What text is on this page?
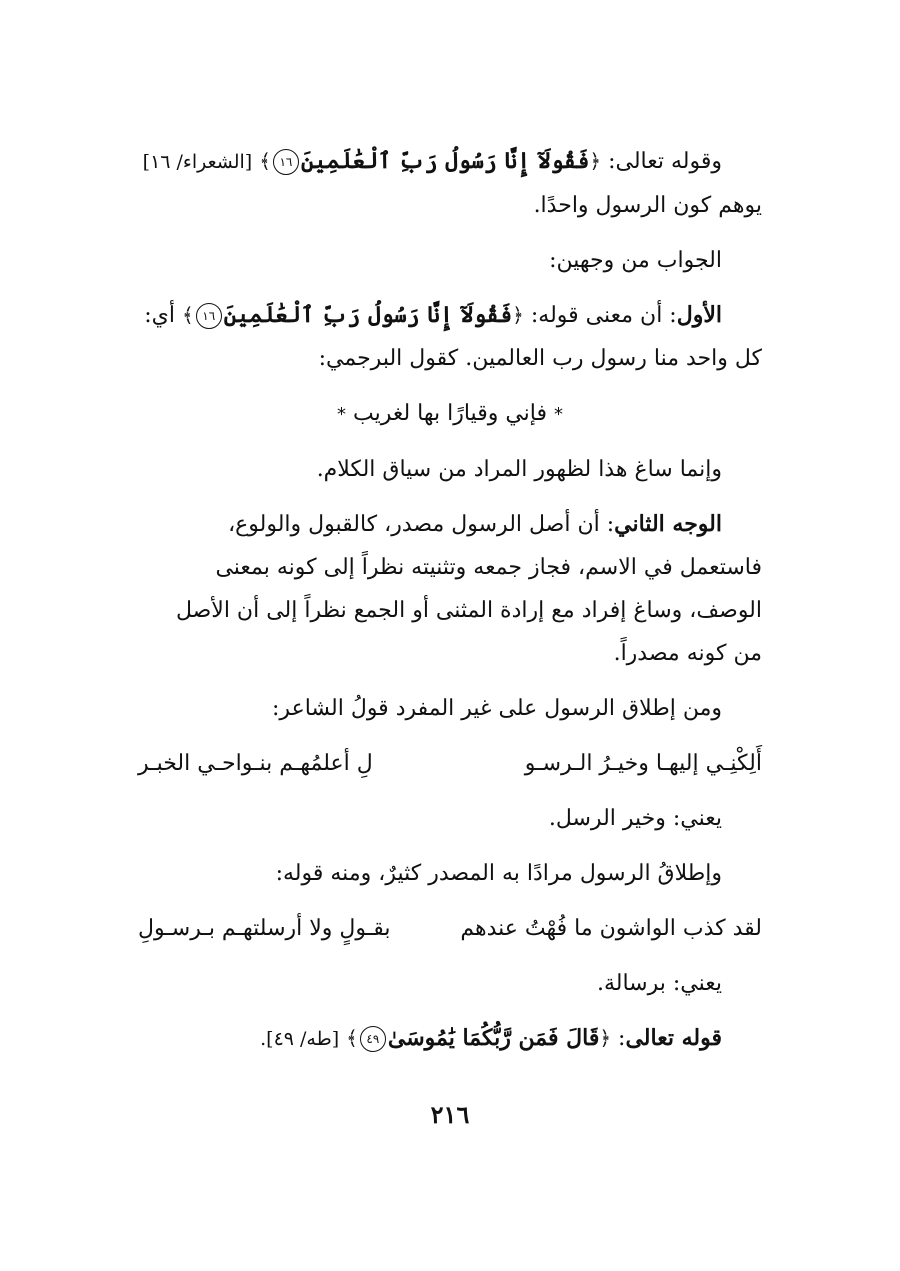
وقوله تعالى: ﴿فَقُولَآ إِنَّا رَسُولُ رَبِّ ٱلْعَٰلَمِينَ١٦﴾ [الشعراء/ ١٦]
يوهم كون الرسول واحدًا.
الجواب من وجهين:
الأول: أن معنى قوله: ﴿فَقُولَآ إِنَّا رَسُولُ رَبِّ ٱلْعَٰلَمِينَ١٦﴾ أي:
كل واحد منا رسول رب العالمين. كقول البرجمي:
* فإني وقيارًا بها لغريب *
وإنما ساغ هذا لظهور المراد من سياق الكلام.
الوجه الثاني: أن أصل الرسول مصدر، كالقبول والولوع،
فاستعمل في الاسم، فجاز جمعه وتثنيته نظراً إلى كونه بمعنى
الوصف، وساغ إفراد مع إرادة المثنى أو الجمع نظراً إلى أن الأصل
من كونه مصدراً.
ومن إطلاق الرسول على غير المفرد قولُ الشاعر:
أَلِكْنِـي إليهـا وخيـرُ الـرسـو
لِ أعلمُهـم بنـواحـي الخبـر
يعني: وخير الرسل.
وإطلاقُ الرسول مرادًا به المصدر كثيرٌ، ومنه قوله:
لقد كذب الواشون ما فُهْتُ عندهم
بقـولٍ ولا أرسلتهـم بـرسـولِ
يعني: برسالة.
قوله تعالى: ﴿قَالَ فَمَن رَّبُّكُمَا يَٰمُوسَىٰ٤٩﴾ [طه/ ٤٩].
٢١٦
